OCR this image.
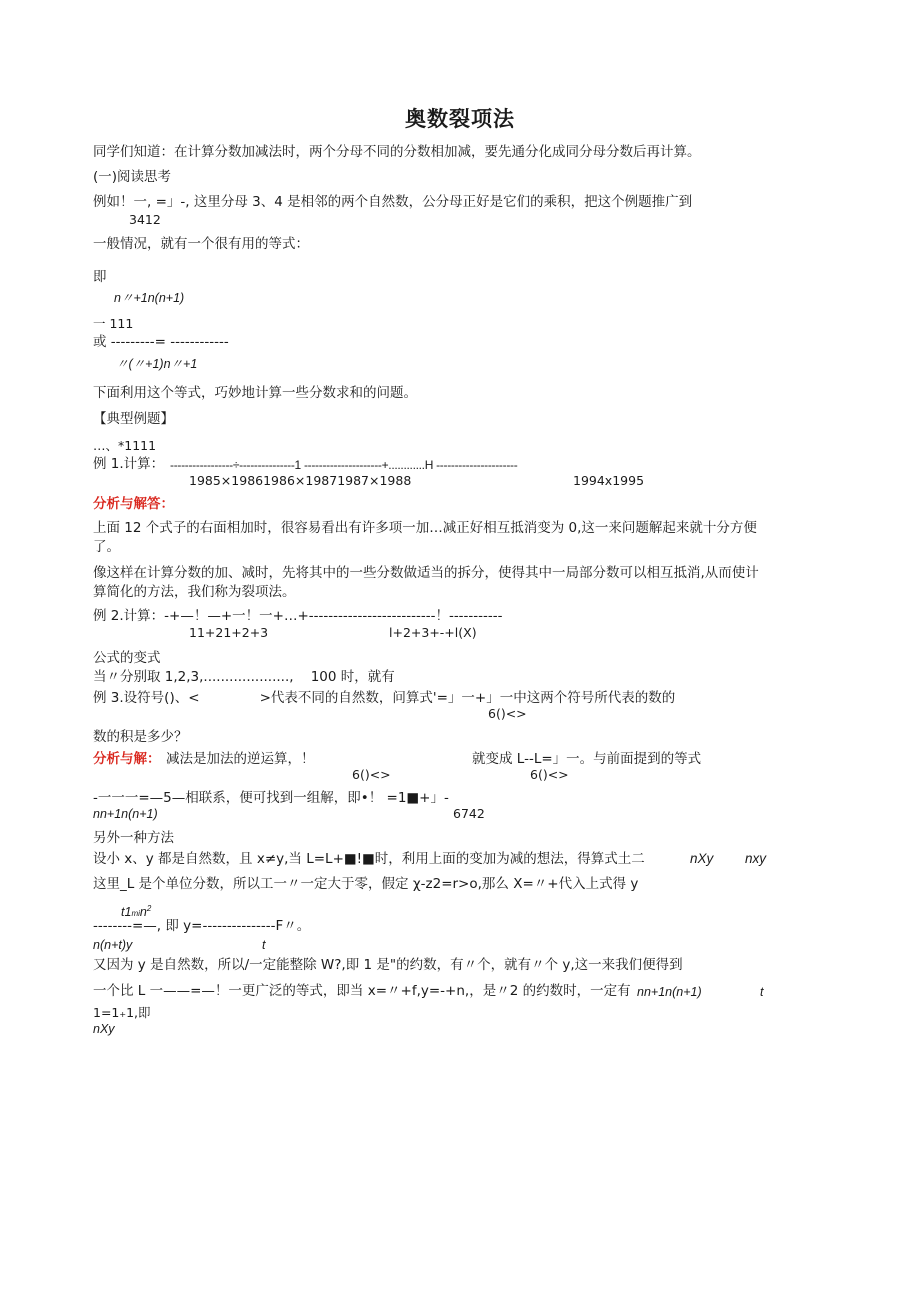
奥数裂项法
同学们知道：在计算分数加减法时，两个分母不同的分数相加减，要先通分化成同分母分数后再计算。
(一)阅读思考
例如！一, =」-, 这里分母 3、4 是相邻的两个自然数，公分母正好是它们的乘积，把这个例题推广到
3412
一般情况，就有一个很有用的等式：
即
n〃+1n(n+1)
一 111
或 ---------= ------------
〃(〃+1)n〃+1
下面利用这个等式，巧妙地计算一些分数求和的问题。
【典型例题】
…、*1111
例 1.计算： -----------------÷---------------1 ---------------------+............H ----------------------
1985×19861986×19871987×1988	1994x1995
分析与解答：
上面 12 个式子的右面相加时，很容易看出有许多项一加…减正好相互抵消变为 0,这一来问题解起来就十分方便
了。
像这样在计算分数的加、减时，先将其中的一些分数做适当的拆分，使得其中一局部分数可以相互抵消,从而使计
算简化的方法，我们称为裂项法。
例 2.计算：-+—！—+一！一+…+--------------------------！-----------
11+21+2+3	l+2+3+-+l(X)
公式的变式
当〃分别取 1,2,3,....................,    100 时，就有
例 3.设符号()、<              >代表不同的自然数，问算式'=」一+」一中这两个符号所代表的数的
6()<>
数的积是多少？
分析与解： 减法是加法的逆运算，！	就变成 L--L=」一。与前面提到的等式
6()<>	6()<>
-一一一=—5—相联系，便可找到一组解，即•！ =1■+」-
nn+1n(n+1)	6742
另外一种方法
设小 x、y 都是自然数，且 x≠y,当 L=L+■!■时，利用上面的变加为减的想法，得算式土二	nXy nxy
这里_L 是个单位分数，所以工一〃一定大于零，假定 χ-z2=r>o,那么 X=〃+代入上式得 y
$t1\min^2$
--------=—, 即 y=---------------F〃。
n(n+t)y	t
又因为 y 是自然数，所以/一定能整除 W?,即 1 是"的约数，有〃个，就有〃个 y,这一来我们便得到
一个比 L 一——=—！一更广泛的等式，即当 x=〃+f,y=-+n,，是〃2 的约数时，一定有 nn+1n(n+1)	t
1=1+1,即
nXy
